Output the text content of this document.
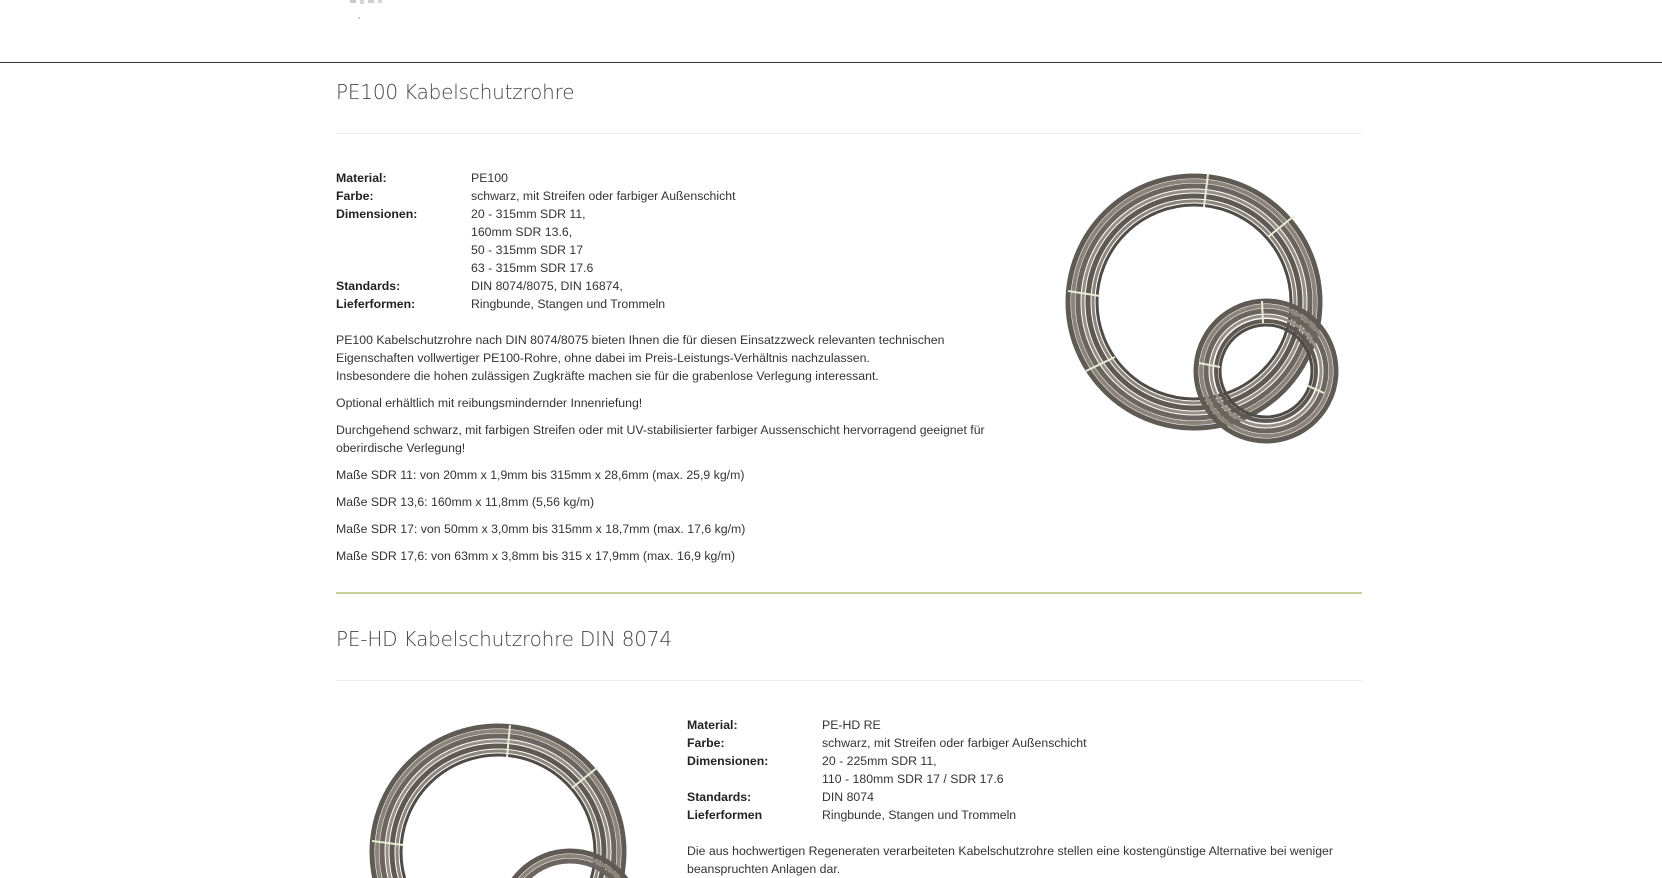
PE100 Kabelschutzrohre
Material:	PE100
Farbe:	schwarz, mit Streifen oder farbiger Außenschicht
Dimensionen:	20 - 315mm SDR 11,
160mm SDR 13.6,
50 - 315mm SDR 17
63 - 315mm SDR 17.6

Standards:	DIN 8074/8075, DIN 16874,
Lieferformen:	Ringbunde, Stangen und Trommeln

PE100 Kabelschutzrohre nach DIN 8074/8075 bieten Ihnen die für diesen Einsatzzweck relevanten technischen Eigenschaften vollwertiger PE100-Rohre, ohne dabei im Preis-Leistungs-Verhältnis nachzulassen.
Insbesondere die hohen zulässigen Zugkräfte machen sie für die grabenlose Verlegung interessant.

Optional erhältlich mit reibungsmindernder Innenriefung!

Durchgehend schwarz, mit farbigen Streifen oder mit UV-stabilisierter farbiger Aussenschicht hervorragend geeignet für oberirdische Verlegung!

Maße SDR 11: von 20mm x 1,9mm bis 315mm x 28,6mm (max. 25,9 kg/m)

Maße SDR 13,6: 160mm x 11,8mm (5,56 kg/m)

Maße SDR 17: von 50mm x 3,0mm bis 315mm x 18,7mm (max. 17,6 kg/m)

Maße SDR 17,6: von 63mm x 3,8mm bis 315 x 17,9mm (max. 16,9 kg/m)

PE-HD Kabelschutzrohre DIN 8074
Material:	PE-HD RE
Farbe:	schwarz, mit Streifen oder farbiger Außenschicht
Dimensionen:	20 - 225mm SDR 11,
110 - 180mm SDR 17 / SDR 17.6

Standards:	DIN 8074
Lieferformen	Ringbunde, Stangen und Trommeln

Die aus hochwertigen Regeneraten verarbeiteten Kabelschutzrohre stellen eine kostengünstige Alternative bei weniger beanspruchten Anlagen dar.
